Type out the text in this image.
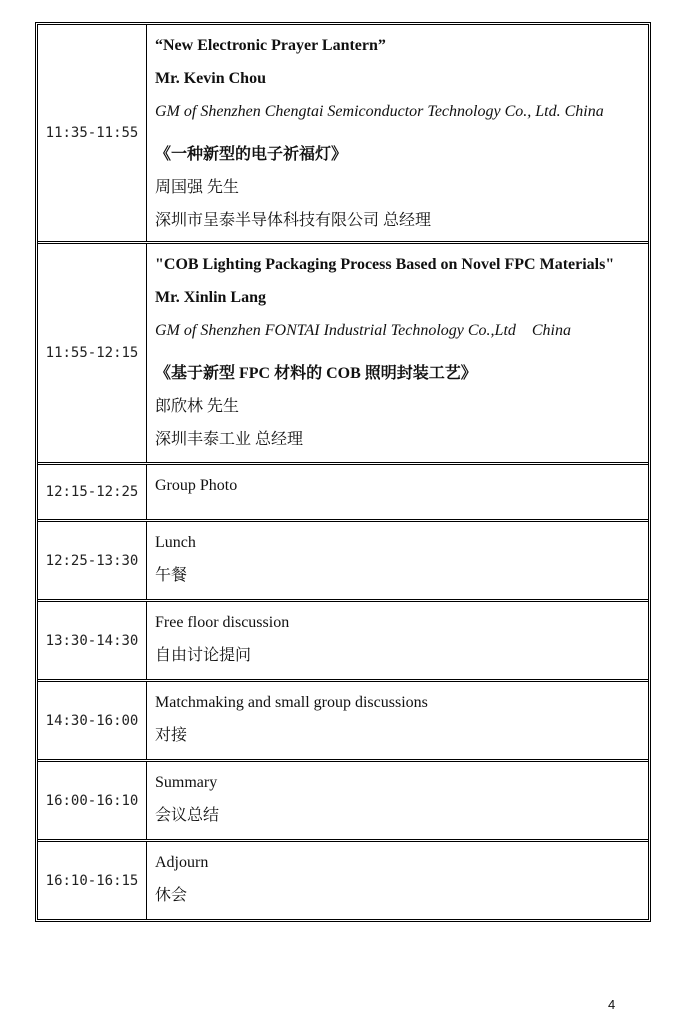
11:35-11:55
“New Electronic Prayer Lantern”
Mr. Kevin Chou
GM of Shenzhen Chengtai Semiconductor Technology Co., Ltd. China
《一种新型的电子祈福灯》
周国强 先生
深圳市呈泰半导体科技有限公司 总经理
11:55-12:15
"COB Lighting Packaging Process Based on Novel FPC Materials"
Mr. Xinlin Lang
GM of Shenzhen FONTAI Industrial Technology Co.,Ltd    China
《基于新型 FPC 材料的 COB 照明封装工艺》
郎欣林 先生
深圳丰泰工业 总经理
12:15-12:25	Group Photo
12:25-13:30
Lunch
午餐
13:30-14:30
Free floor discussion
自由讨论提问
14:30-16:00
Matchmaking and small group discussions
对接
16:00-16:10
Summary
会议总结
16:10-16:15
Adjourn
休会
4
